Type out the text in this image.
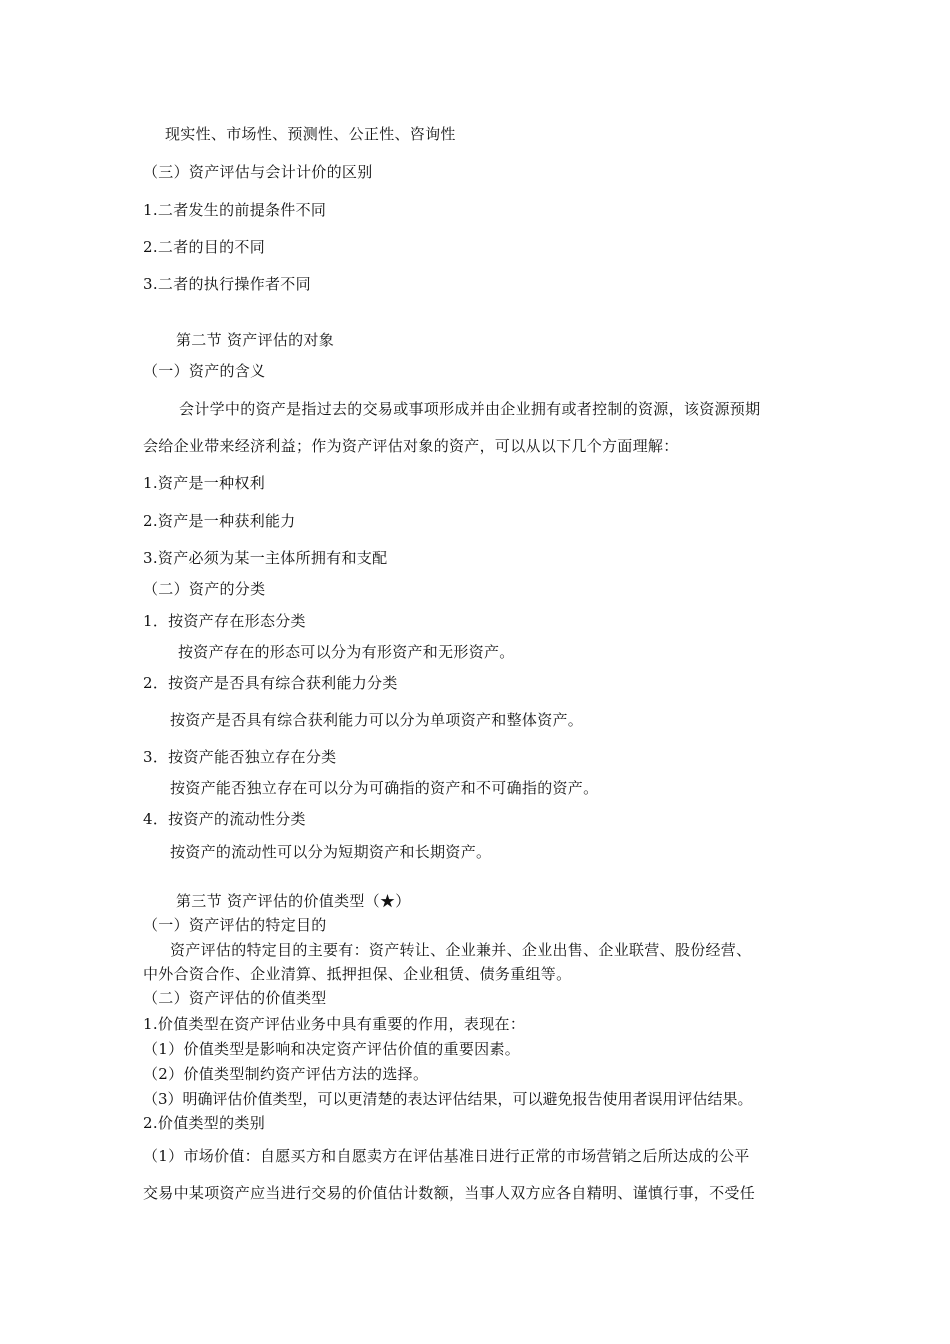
现实性、市场性、预测性、公正性、咨询性
（三）资产评估与会计计价的区别
1.二者发生的前提条件不同
2.二者的目的不同
3.二者的执行操作者不同
第二节 资产评估的对象
（一）资产的含义
会计学中的资产是指过去的交易或事项形成并由企业拥有或者控制的资源，该资源预期
会给企业带来经济利益；作为资产评估对象的资产，可以从以下几个方面理解：
1.资产是一种权利
2.资产是一种获利能力
3.资产必须为某一主体所拥有和支配
（二）资产的分类
1．按资产存在形态分类
按资产存在的形态可以分为有形资产和无形资产。
2．按资产是否具有综合获利能力分类
按资产是否具有综合获利能力可以分为单项资产和整体资产。
3．按资产能否独立存在分类
按资产能否独立存在可以分为可确指的资产和不可确指的资产。
4．按资产的流动性分类
按资产的流动性可以分为短期资产和长期资产。
第三节 资产评估的价值类型（★）
（一）资产评估的特定目的
资产评估的特定目的主要有：资产转让、企业兼并、企业出售、企业联营、股份经营、
中外合资合作、企业清算、抵押担保、企业租赁、债务重组等。
（二）资产评估的价值类型
1.价值类型在资产评估业务中具有重要的作用，表现在：
（1）价值类型是影响和决定资产评估价值的重要因素。
（2）价值类型制约资产评估方法的选择。
（3）明确评估价值类型，可以更清楚的表达评估结果，可以避免报告使用者误用评估结果。
2.价值类型的类别
（1）市场价值：自愿买方和自愿卖方在评估基准日进行正常的市场营销之后所达成的公平
交易中某项资产应当进行交易的价值估计数额，当事人双方应各自精明、谨慎行事，不受任
